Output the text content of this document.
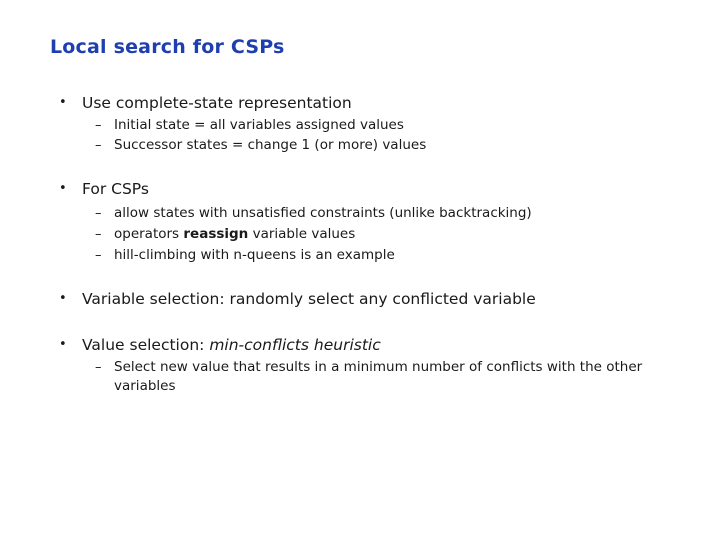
Local search for CSPs
• Use complete-state representation
– Initial state = all variables assigned values
– Successor states = change 1 (or more) values
• For CSPs
– allow states with unsatisfied constraints (unlike backtracking)
– operators reassign variable values
– hill-climbing with n-queens is an example
• Variable selection: randomly select any conflicted variable
• Value selection: min-conflicts heuristic
– Select new value that results in a minimum number of conflicts with the other variables
